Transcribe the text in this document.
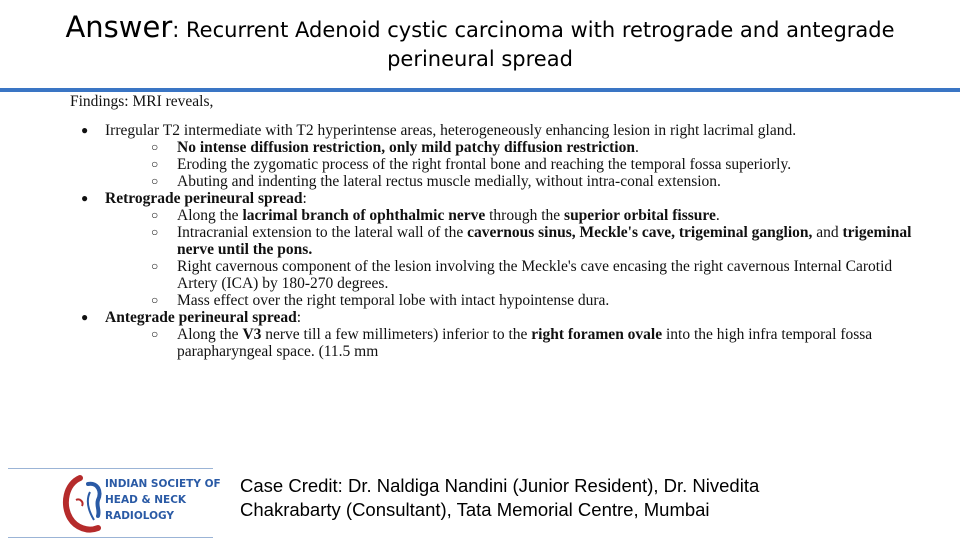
Answer: Recurrent Adenoid cystic carcinoma with retrograde and antegrade
perineural spread
Findings: MRI reveals,
● Irregular T2 intermediate with T2 hyperintense areas, heterogeneously enhancing lesion in right lacrimal gland.
○ No intense diffusion restriction, only mild patchy diffusion restriction.
○ Eroding the zygomatic process of the right frontal bone and reaching the temporal fossa superiorly.
○ Abuting and indenting the lateral rectus muscle medially, without intra-conal extension.
● Retrograde perineural spread:
○ Along the lacrimal branch of ophthalmic nerve through the superior orbital fissure.
○ Intracranial extension to the lateral wall of the cavernous sinus, Meckle's cave, trigeminal ganglion, and trigeminal nerve until the pons.
○ Right cavernous component of the lesion involving the Meckle's cave encasing the right cavernous Internal Carotid Artery (ICA) by 180-270 degrees.
○ Mass effect over the right temporal lobe with intact hypointense dura.
● Antegrade perineural spread:
○ Along the V3 nerve till a few millimeters) inferior to the right foramen ovale into the high infra temporal fossa parapharyngeal space. (11.5 mm
INDIAN SOCIETY OF
HEAD & NECK
RADIOLOGY
Case Credit: Dr. Naldiga Nandini (Junior Resident), Dr. Nivedita
Chakrabarty (Consultant), Tata Memorial Centre, Mumbai
